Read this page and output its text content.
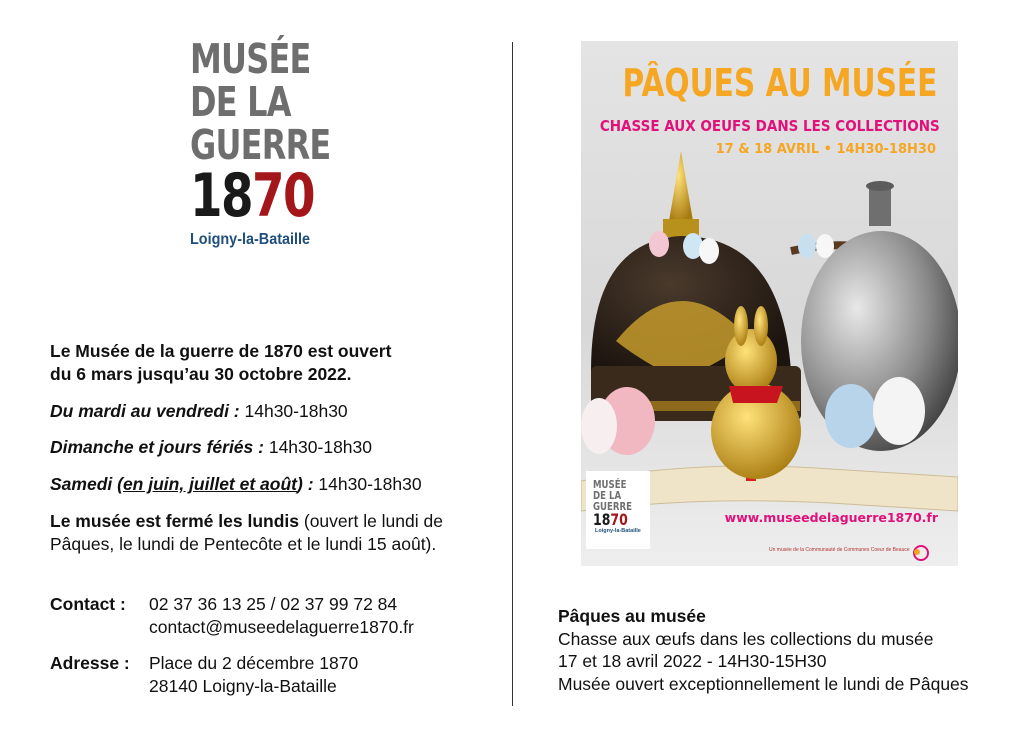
MUSÉE
DE LA
GUERRE
1870
Loigny-la-Bataille
Le Musée de la guerre de 1870 est ouvert
du 6 mars jusqu’au 30 octobre 2022.
Du mardi au vendredi : 14h30-18h30
Dimanche et jours fériés : 14h30-18h30
Samedi (en juin, juillet et août) : 14h30-18h30
Le musée est fermé les lundis (ouvert le lundi de
Pâques, le lundi de Pentecôte et le lundi 15 août).
Contact : 02 37 36 13 25 / 02 37 99 72 84
contact@museedelaguerre1870.fr
Adresse : Place du 2 décembre 1870
28140 Loigny-la-Bataille
PÂQUES AU MUSÉE
CHASSE AUX OEUFS DANS LES COLLECTIONS
17 & 18 AVRIL • 14H30-18H30
MUSÉE
DE LA
GUERRE
1870
Loigny-la-Bataille
www.museedelaguerre1870.fr
Un musée de la Communauté de Communes Coeur de Beauce
Pâques au musée
Chasse aux œufs dans les collections du musée
17 et 18 avril 2022 - 14H30-15H30
Musée ouvert exceptionnellement le lundi de Pâques
